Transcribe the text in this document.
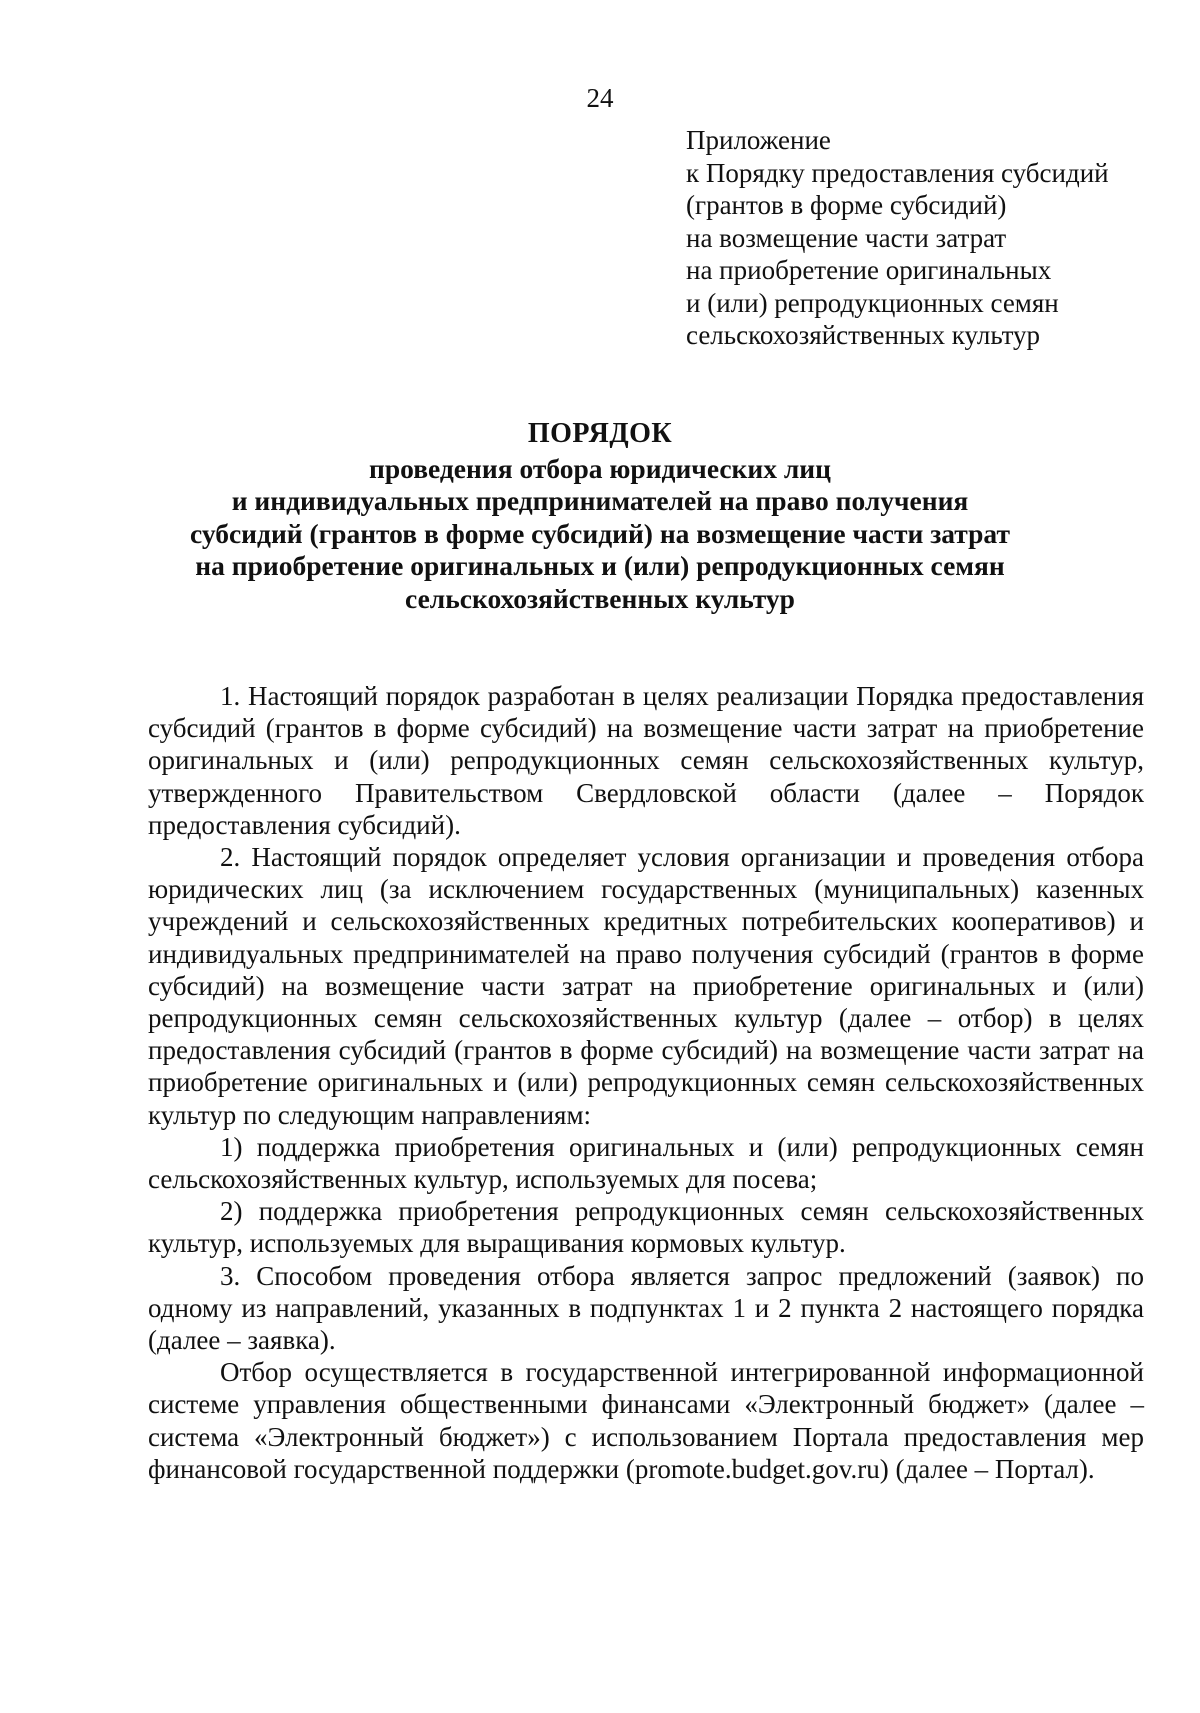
24
Приложение
к Порядку предоставления субсидий
(грантов в форме субсидий)
на возмещение части затрат
на приобретение оригинальных
и (или) репродукционных семян
сельскохозяйственных культур
ПОРЯДОК
проведения отбора юридических лиц
и индивидуальных предпринимателей на право получения
субсидий (грантов в форме субсидий) на возмещение части затрат
на приобретение оригинальных и (или) репродукционных семян
сельскохозяйственных культур

1. Настоящий порядок разработан в целях реализации Порядка предоставления субсидий (грантов в форме субсидий) на возмещение части затрат на приобретение оригинальных и (или) репродукционных семян сельскохозяйственных культур, утвержденного Правительством Свердловской области (далее – Порядок предоставления субсидий).

2. Настоящий порядок определяет условия организации и проведения отбора юридических лиц (за исключением государственных (муниципальных) казенных учреждений и сельскохозяйственных кредитных потребительских кооперативов) и индивидуальных предпринимателей на право получения субсидий (грантов в форме субсидий) на возмещение части затрат на приобретение оригинальных и (или) репродукционных семян сельскохозяйственных культур (далее – отбор) в целях предоставления субсидий (грантов в форме субсидий) на возмещение части затрат на приобретение оригинальных и (или) репродукционных семян сельскохозяйственных культур по следующим направлениям:

1) поддержка приобретения оригинальных и (или) репродукционных семян сельскохозяйственных культур, используемых для посева;

2) поддержка приобретения репродукционных семян сельскохозяйственных культур, используемых для выращивания кормовых культур.

3. Способом проведения отбора является запрос предложений (заявок) по одному из направлений, указанных в подпунктах 1 и 2 пункта 2 настоящего порядка (далее – заявка).

Отбор осуществляется в государственной интегрированной информационной системе управления общественными финансами «Электронный бюджет» (далее – система «Электронный бюджет») с использованием Портала предоставления мер финансовой государственной поддержки (promote.budget.gov.ru) (далее – Портал).
